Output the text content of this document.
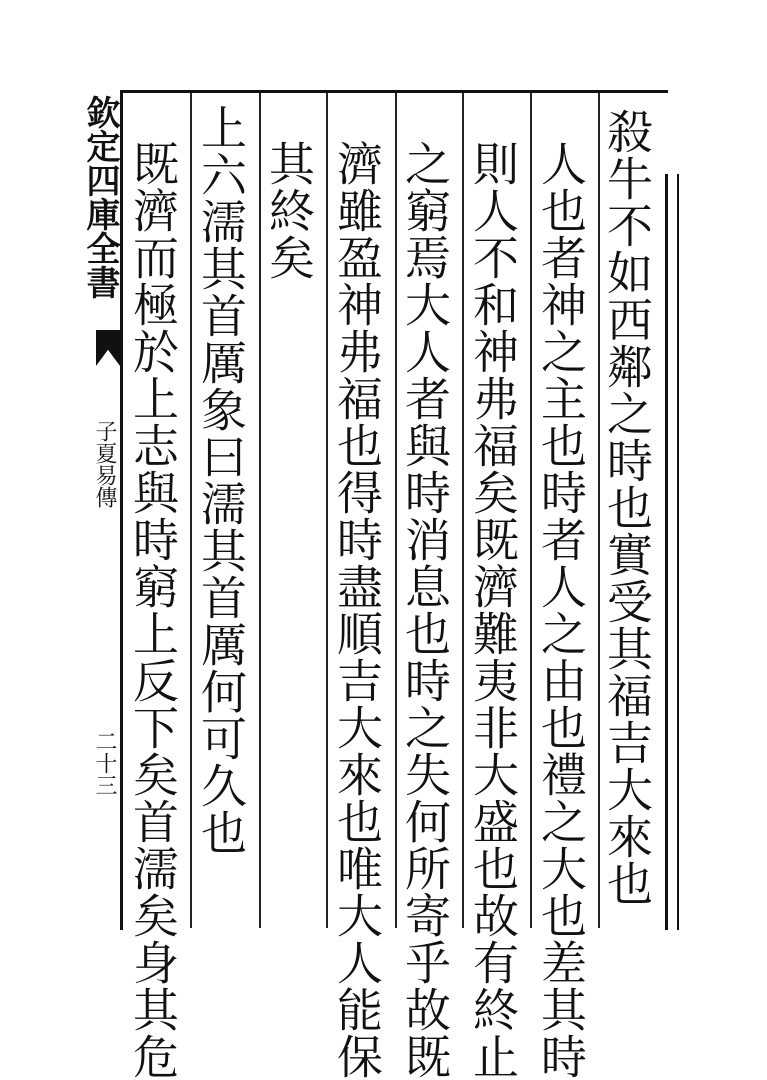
殺牛不如西鄰之時也實受其福吉大來也
人也者神之主也時者人之由也禮之大也差其時
則人不和神弗福矣既濟難夷非大盛也故有終止
之窮焉大人者與時消息也時之失何所寄乎故既
濟雖盈神弗福也得時盡順吉大來也唯大人能保
其終矣
上六濡其首厲象曰濡其首厲何可久也
既濟而極於上志與時窮上反下矣首濡矣身其危
欽定四庫全書
子夏易傳
二十三
